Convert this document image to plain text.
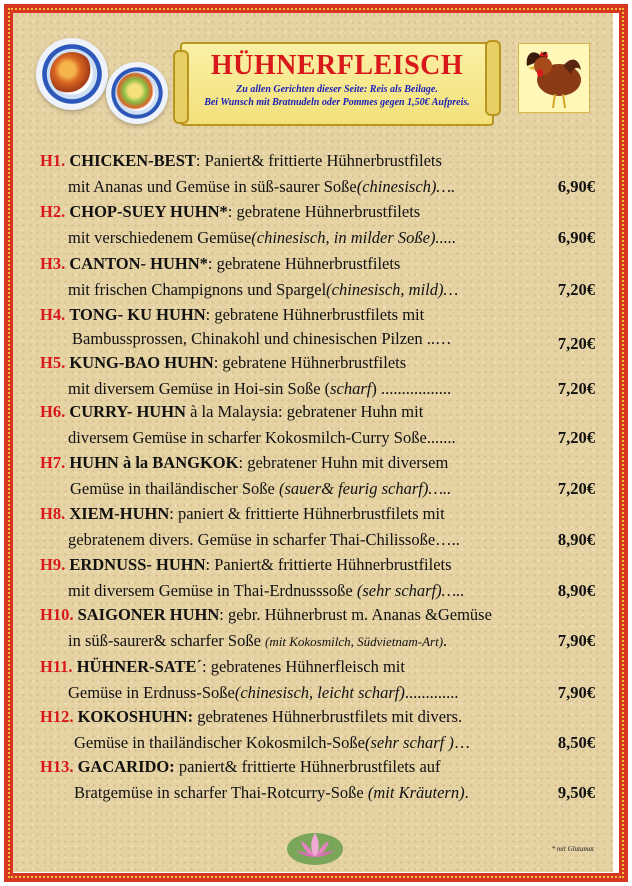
HÜHNERFLEISCH
Zu allen Gerichten dieser Seite: Reis als Beilage.
Bei Wunsch mit Bratnudeln oder Pommes gegen 1,50€ Aufpreis.
H1. CHICKEN-BEST: Paniert& frittierte Hühnerbrustfilets
mit Ananas und Gemüse in süß-saurer Soße(chinesisch)….	6,90€
H2. CHOP-SUEY HUHN*: gebratene Hühnerbrustfilets
mit verschiedenem Gemüse(chinesisch, in milder Soße).....	6,90€
H3. CANTON- HUHN*: gebratene Hühnerbrustfilets
mit frischen Champignons und Spargel(chinesisch, mild)…	7,20€
H4. TONG- KU HUHN: gebratene Hühnerbrustfilets mit
Bambussprossen, Chinakohl und chinesischen Pilzen ..…	7,20€
H5. KUNG-BAO HUHN: gebratene Hühnerbrustfilets
mit diversem Gemüse in Hoi-sin Soße (scharf) .................	7,20€
H6. CURRY- HUHN à la Malaysia: gebratener Huhn mit
diversem Gemüse in scharfer Kokosmilch-Curry Soße.......	7,20€
H7. HUHN à la BANGKOK: gebratener Huhn mit diversem
Gemüse in thailändischer Soße (sauer& feurig scharf)…..	7,20€
H8. XIEM-HUHN: paniert & frittierte Hühnerbrustfilets mit
gebratenem divers. Gemüse in scharfer Thai-Chilissoße…..	8,90€
H9. ERDNUSS- HUHN: Paniert& frittierte Hühnerbrustfilets
mit diversem Gemüse in Thai-Erdnusssoße (sehr scharf)…..	8,90€
H10. SAIGONER HUHN: gebr. Hühnerbrust m. Ananas &Gemüse
in süß-saurer& scharfer Soße (mit Kokosmilch, Südvietnam-Art).	7,90€
H11. HÜHNER-SATE´: gebratenes Hühnerfleisch mit
Gemüse in Erdnuss-Soße(chinesisch, leicht scharf).............	7,90€
H12. KOKOSHUHN: gebratenes Hühnerbrustfilets mit divers.
Gemüse in thailändischer Kokosmilch-Soße(sehr scharf )…	8,50€
H13. GACARIDO: paniert& frittierte Hühnerbrustfilets auf
Bratgemüse in scharfer Thai-Rotcurry-Soße (mit Kräutern).	9,50€
* mit Glutamat
